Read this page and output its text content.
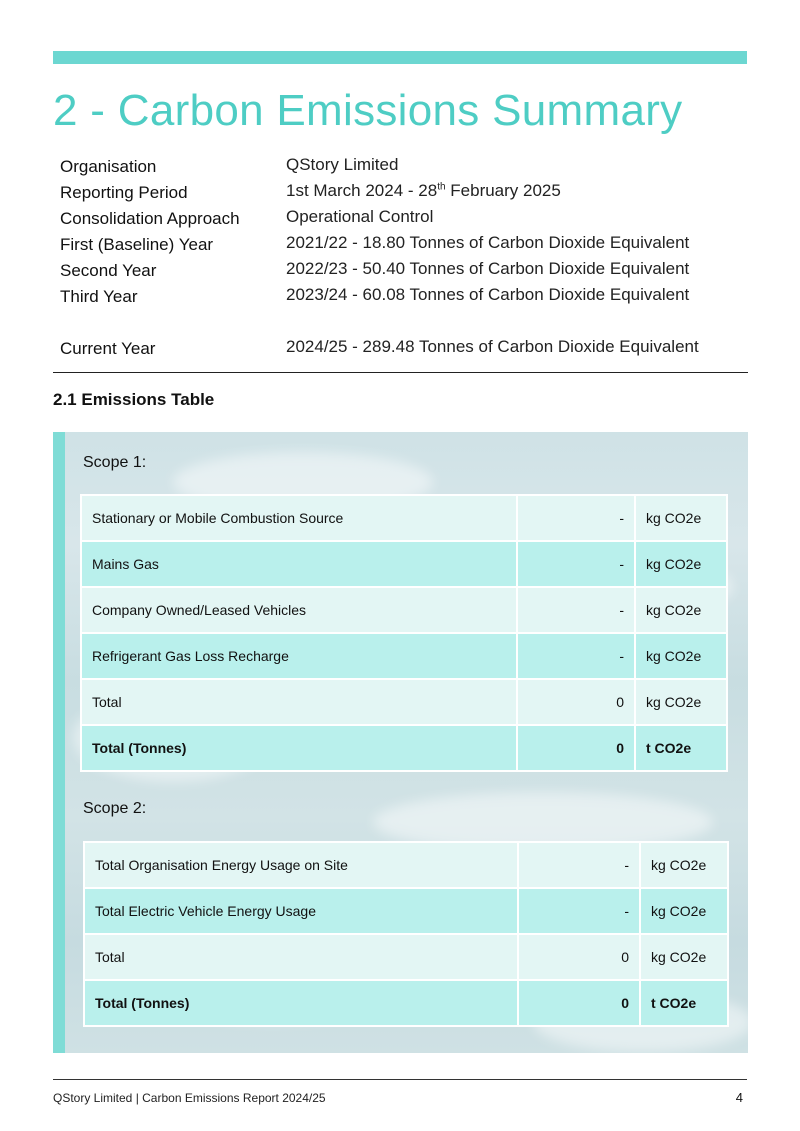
2 - Carbon Emissions Summary
Organisation	QStory Limited
Reporting Period	1st March 2024 - 28th February 2025
Consolidation Approach	Operational Control
First (Baseline) Year	2021/22 - 18.80 Tonnes of Carbon Dioxide Equivalent
Second Year	2022/23 - 50.40 Tonnes of Carbon Dioxide Equivalent
Third Year	2023/24 - 60.08 Tonnes of Carbon Dioxide Equivalent
Current Year	2024/25 - 289.48 Tonnes of Carbon Dioxide Equivalent
2.1 Emissions Table
Scope 1:
Stationary or Mobile Combustion Source	-	kg CO2e
Mains Gas	-	kg CO2e
Company Owned/Leased Vehicles	-	kg CO2e
Refrigerant Gas Loss Recharge	-	kg CO2e
Total	0	kg CO2e
Total (Tonnes)	0	t CO2e
Scope 2:
Total Organisation Energy Usage on Site	-	kg CO2e
Total Electric Vehicle Energy Usage	-	kg CO2e
Total	0	kg CO2e
Total (Tonnes)	0	t CO2e
QStory Limited | Carbon Emissions Report 2024/25	4
